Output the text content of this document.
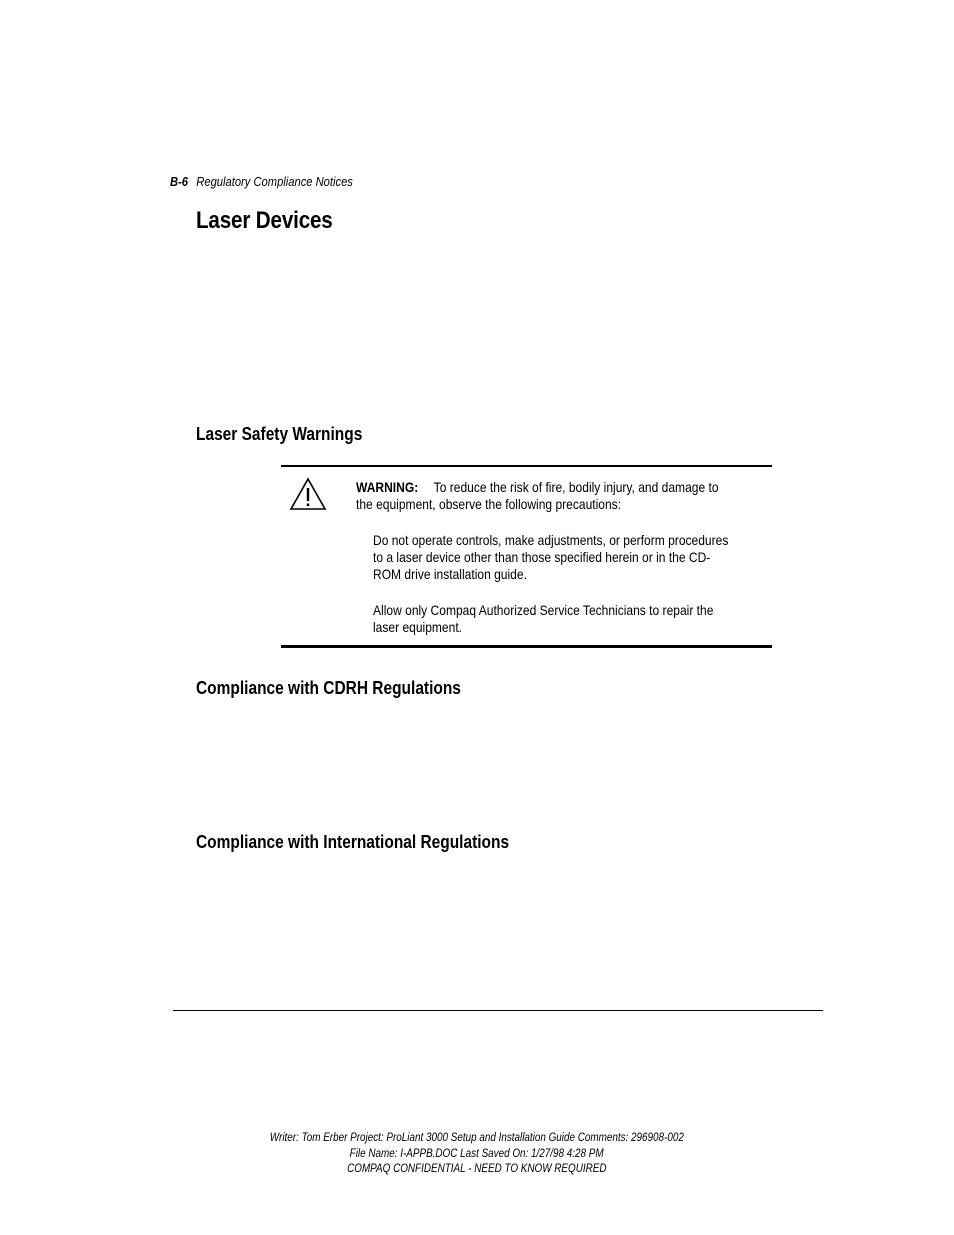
B-6 Regulatory Compliance Notices
Laser Devices
Laser Safety Warnings
WARNING: To reduce the risk of fire, bodily injury, and damage to
the equipment, observe the following precautions:
Do not operate controls, make adjustments, or perform procedures
to a laser device other than those specified herein or in the CD-
ROM drive installation guide.
Allow only Compaq Authorized Service Technicians to repair the
laser equipment.
Compliance with CDRH Regulations
Compliance with International Regulations
Writer: Tom Erber Project: ProLiant 3000 Setup and Installation Guide Comments: 296908-002
File Name: I-APPB.DOC Last Saved On: 1/27/98 4:28 PM
COMPAQ CONFIDENTIAL - NEED TO KNOW REQUIRED
